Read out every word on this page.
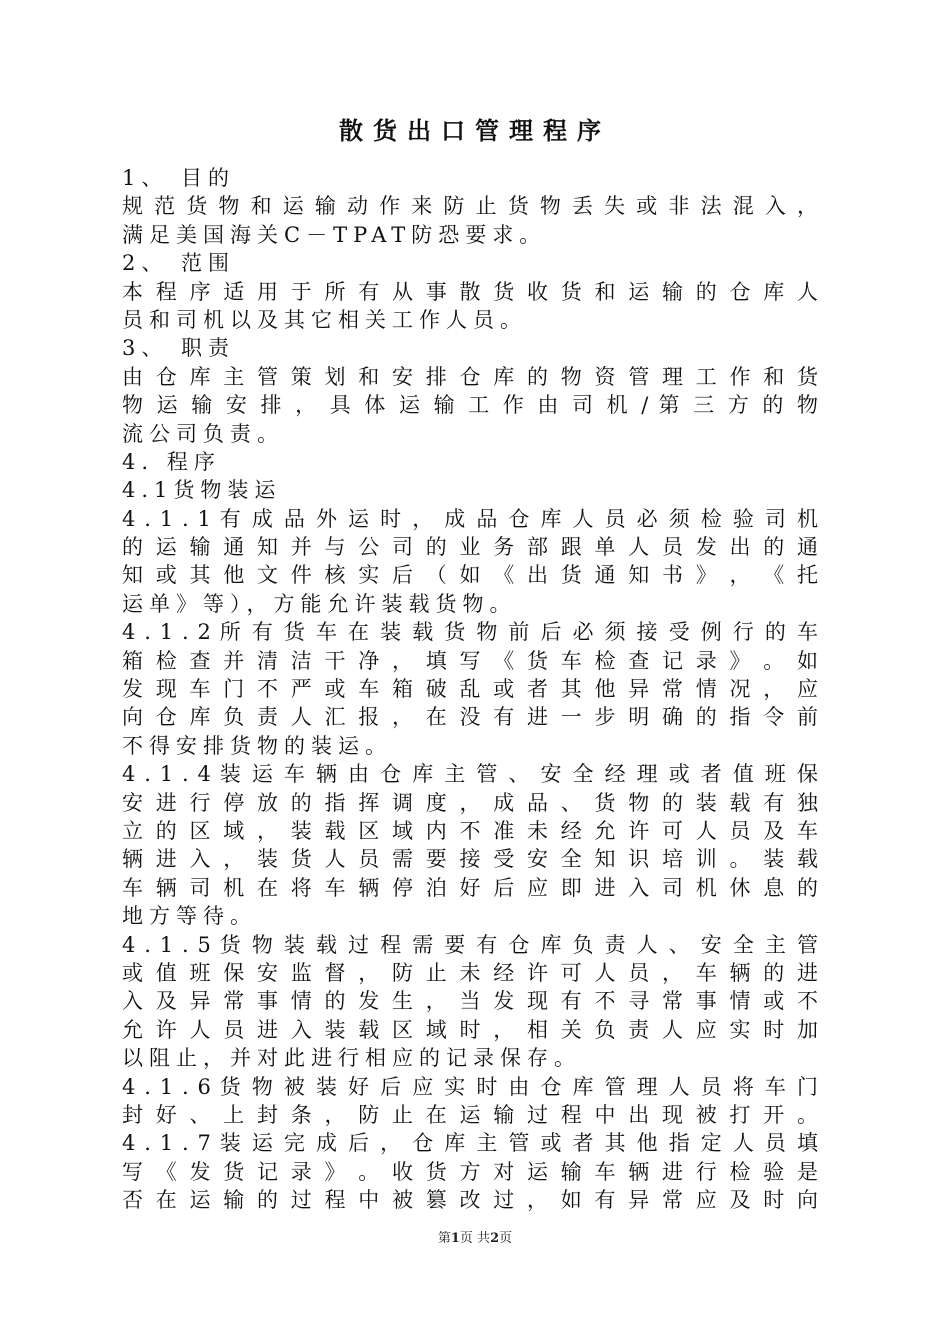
散货出口管理程序
1、 目的
规 范 货 物 和 运 输 动 作 来 防 止 货 物 丢 失 或 非 法 混 入 ，
满足美国海关C－TPAT防恐要求。
2、 范围
本 程 序 适 用 于 所 有 从 事 散 货 收 货 和 运 输 的 仓 库 人
员和司机以及其它相关工作人员。
3、 职责
由 仓 库 主 管 策 划 和 安 排 仓 库 的 物 资 管 理 工 作 和 货
物 运 输 安 排 ， 具 体 运 输 工 作 由 司 机 / 第 三 方 的 物
流公司负责。
4. 程序
4.1货物装运
4 . 1 . 1 有 成 品 外 运 时 ， 成 品 仓 库 人 员 必 须 检 验 司 机
的 运 输 通 知 并 与 公 司 的 业 务 部 跟 单 人 员 发 出 的 通
知 或 其 他 文 件 核 实 后 （ 如 《 出 货 通 知 书 》 ， 《 托
运单》等），方能允许装载货物。
4 . 1 . 2 所 有 货 车 在 装 载 货 物 前 后 必 须 接 受 例 行 的 车
箱 检 查 并 清 洁 干 净 ， 填 写 《 货 车 检 查 记 录 》 。 如
发 现 车 门 不 严 或 车 箱 破 乱 或 者 其 他 异 常 情 况 ， 应
向 仓 库 负 责 人 汇 报 ， 在 没 有 进 一 步 明 确 的 指 令 前
不得安排货物的装运。
4 . 1 . 4 装 运 车 辆 由 仓 库 主 管 、 安 全 经 理 或 者 值 班 保
安 进 行 停 放 的 指 挥 调 度 ， 成 品 、 货 物 的 装 载 有 独
立 的 区 域 ， 装 载 区 域 内 不 准 未 经 允 许 可 人 员 及 车
辆 进 入 ， 装 货 人 员 需 要 接 受 安 全 知 识 培 训 。 装 载
车 辆 司 机 在 将 车 辆 停 泊 好 后 应 即 进 入 司 机 休 息 的
地方等待。
4 . 1 . 5 货 物 装 载 过 程 需 要 有 仓 库 负 责 人 、 安 全 主 管
或 值 班 保 安 监 督 ， 防 止 未 经 许 可 人 员 ， 车 辆 的 进
入 及 异 常 事 情 的 发 生 ， 当 发 现 有 不 寻 常 事 情 或 不
允 许 人 员 进 入 装 载 区 域 时 ， 相 关 负 责 人 应 实 时 加
以阻止，并对此进行相应的记录保存。
4 . 1 . 6 货 物 被 装 好 后 应 实 时 由 仓 库 管 理 人 员 将 车 门
封 好 、 上 封 条 ， 防 止 在 运 输 过 程 中 出 现 被 打 开 。
4 . 1 . 7 装 运 完 成 后 ， 仓 库 主 管 或 者 其 他 指 定 人 员 填
写 《 发 货 记 录 》 。 收 货 方 对 运 输 车 辆 进 行 检 验 是
否 在 运 输 的 过 程 中 被 篡 改 过 ， 如 有 异 常 应 及 时 向
第1页 共2页
